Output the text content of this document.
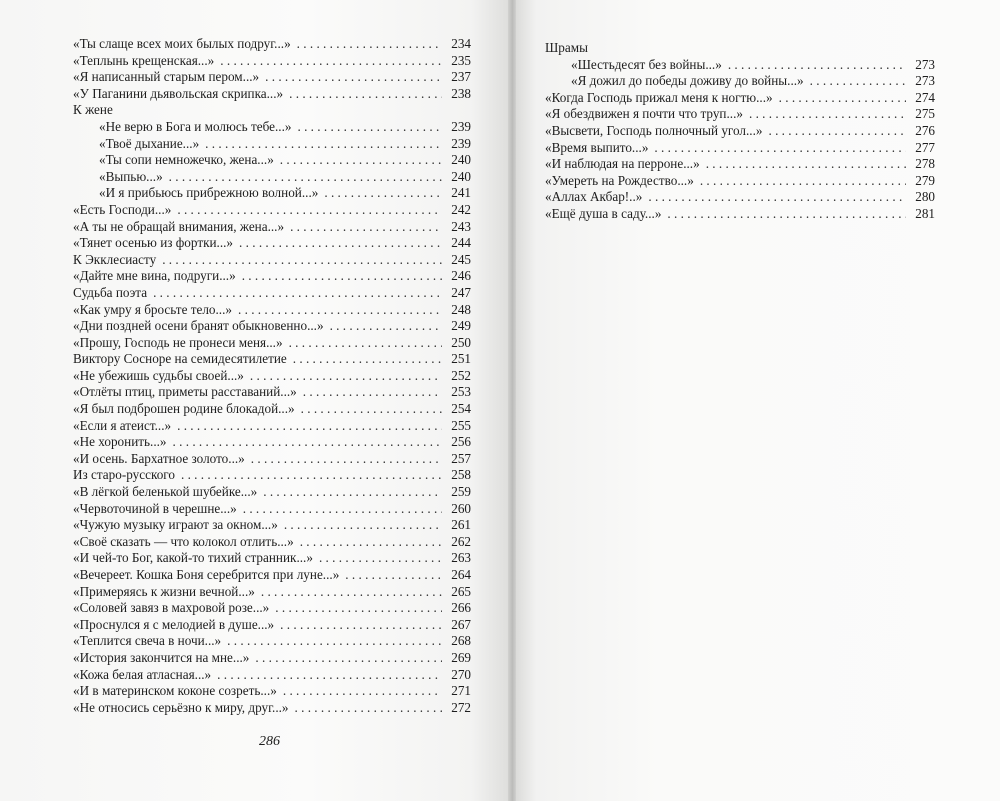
«Ты слаще всех моих былых подруг...» . . .	234
«Теплынь крещенская...» . . .	235
«Я написанный старым пером...» . . .	237
«У Паганини дьявольская скрипка...» . . .	238
К жене
«Не верю в Бога и молюсь тебе...» . . .	239
«Твоё дыхание...» . . .	239
«Ты сопи немножечко, жена...» . . .	240
«Выпью...» . . .	240
«И я прибьюсь прибрежною волной...» . . .	241
«Есть Господи...» . . .	242
«А ты не обращай внимания, жена...» . . .	243
«Тянет осенью из фортки...» . . .	244
К Экклесиасту . . .	245
«Дайте мне вина, подруги...» . . .	246
Судьба поэта . . .	247
«Как умру я бросьте тело...» . . .	248
«Дни поздней осени бранят обыкновенно...» . . .	249
«Прошу, Господь не пронеси меня...» . . .	250
Виктору Сосноре на семидесятилетие . . .	251
«Не убежишь судьбы своей...» . . .	252
«Отлёты птиц, приметы расставаний...» . . .	253
«Я был подброшен родине блокадой...» . . .	254
«Если я атеист...» . . .	255
«Не хоронить...» . . .	256
«И осень. Бархатное золото...» . . .	257
Из старо-русского . . .	258
«В лёгкой беленькой шубейке...» . . .	259
«Червоточиной в черешне...» . . .	260
«Чужую музыку играют за окном...» . . .	261
«Своё сказать — что колокол отлить...» . . .	262
«И чей-то Бог, какой-то тихий странник...» . . .	263
«Вечереет. Кошка Боня серебрится при луне...» . . .	264
«Примеряясь к жизни вечной...» . . .	265
«Соловей завяз в махровой розе...» . . .	266
«Проснулся я с мелодией в душе...» . . .	267
«Теплится свеча в ночи...» . . .	268
«История закончится на мне...» . . .	269
«Кожа белая атласная...» . . .	270
«И в материнском коконе созреть...» . . .	271
«Не относись серьёзно к миру, друг...» . . .	272
Шрамы
«Шестьдесят без войны...» . . .	273
«Я дожил до победы доживу до войны...» . . .	273
«Когда Господь прижал меня к ногтю...» . . .	274
«Я обездвижен я почти что труп...» . . .	275
«Высвети, Господь полночный угол...» . . .	276
«Время выпито...» . . .	277
«И наблюдая на перроне...» . . .	278
«Умереть на Рождество...» . . .	279
«Аллах Акбар!..» . . .	280
«Ещё душа в саду...» . . .	281
286
